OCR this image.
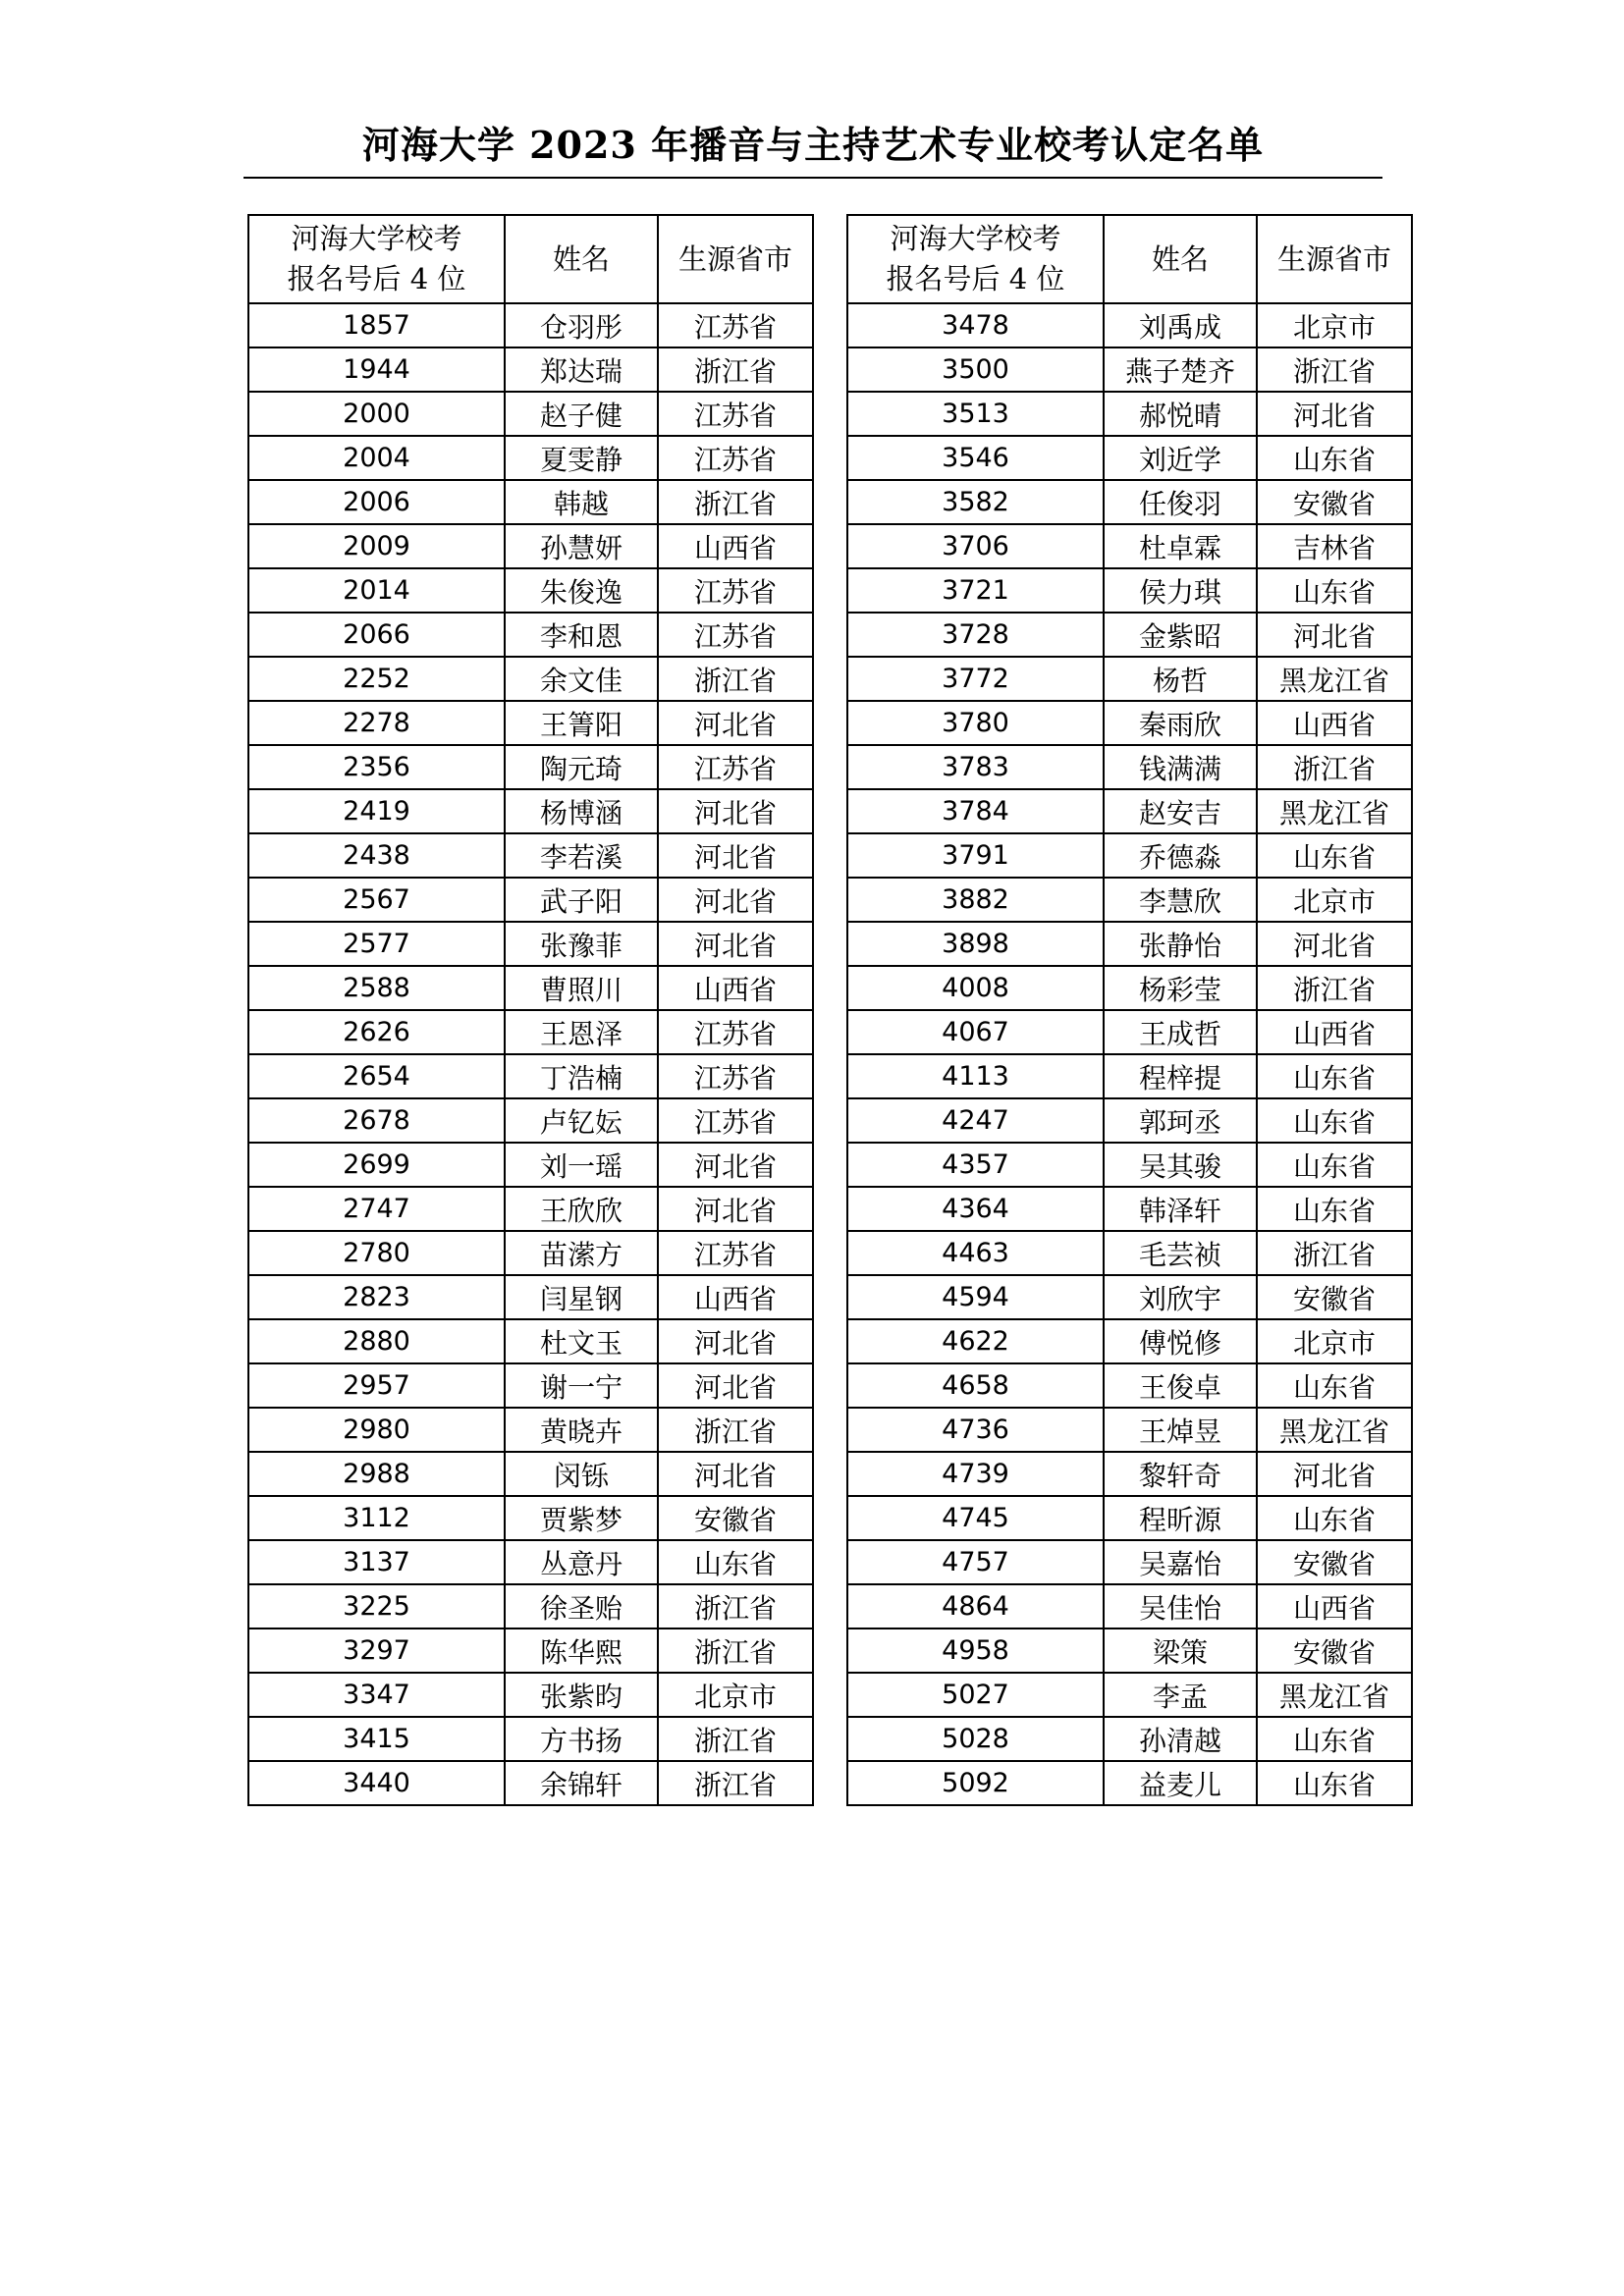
河海大学 2023 年播音与主持艺术专业校考认定名单
河海大学校考
报名号后 4 位	姓名	生源省市
1857	仓羽彤	江苏省
1944	郑达瑞	浙江省
2000	赵子健	江苏省
2004	夏雯静	江苏省
2006	韩越	浙江省
2009	孙慧妍	山西省
2014	朱俊逸	江苏省
2066	李和恩	江苏省
2252	余文佳	浙江省
2278	王箐阳	河北省
2356	陶元琦	江苏省
2419	杨博涵	河北省
2438	李若溪	河北省
2567	武子阳	河北省
2577	张豫菲	河北省
2588	曹照川	山西省
2626	王恩泽	江苏省
2654	丁浩楠	江苏省
2678	卢钇妘	江苏省
2699	刘一瑶	河北省
2747	王欣欣	河北省
2780	苗潆方	江苏省
2823	闫星钢	山西省
2880	杜文玉	河北省
2957	谢一宁	河北省
2980	黄晓卉	浙江省
2988	闵铄	河北省
3112	贾紫梦	安徽省
3137	丛意丹	山东省
3225	徐圣贻	浙江省
3297	陈华熙	浙江省
3347	张紫昀	北京市
3415	方书扬	浙江省
3440	余锦轩	浙江省
河海大学校考
报名号后 4 位	姓名	生源省市
3478	刘禹成	北京市
3500	燕子楚齐	浙江省
3513	郝悦晴	河北省
3546	刘近学	山东省
3582	任俊羽	安徽省
3706	杜卓霖	吉林省
3721	侯力琪	山东省
3728	金紫昭	河北省
3772	杨哲	黑龙江省
3780	秦雨欣	山西省
3783	钱满满	浙江省
3784	赵安吉	黑龙江省
3791	乔德淼	山东省
3882	李慧欣	北京市
3898	张静怡	河北省
4008	杨彩莹	浙江省
4067	王成哲	山西省
4113	程梓提	山东省
4247	郭珂丞	山东省
4357	吴其骏	山东省
4364	韩泽轩	山东省
4463	毛芸祯	浙江省
4594	刘欣宇	安徽省
4622	傅悦修	北京市
4658	王俊卓	山东省
4736	王焯昱	黑龙江省
4739	黎轩奇	河北省
4745	程昕源	山东省
4757	吴嘉怡	安徽省
4864	吴佳怡	山西省
4958	梁策	安徽省
5027	李孟	黑龙江省
5028	孙清越	山东省
5092	益麦儿	山东省
